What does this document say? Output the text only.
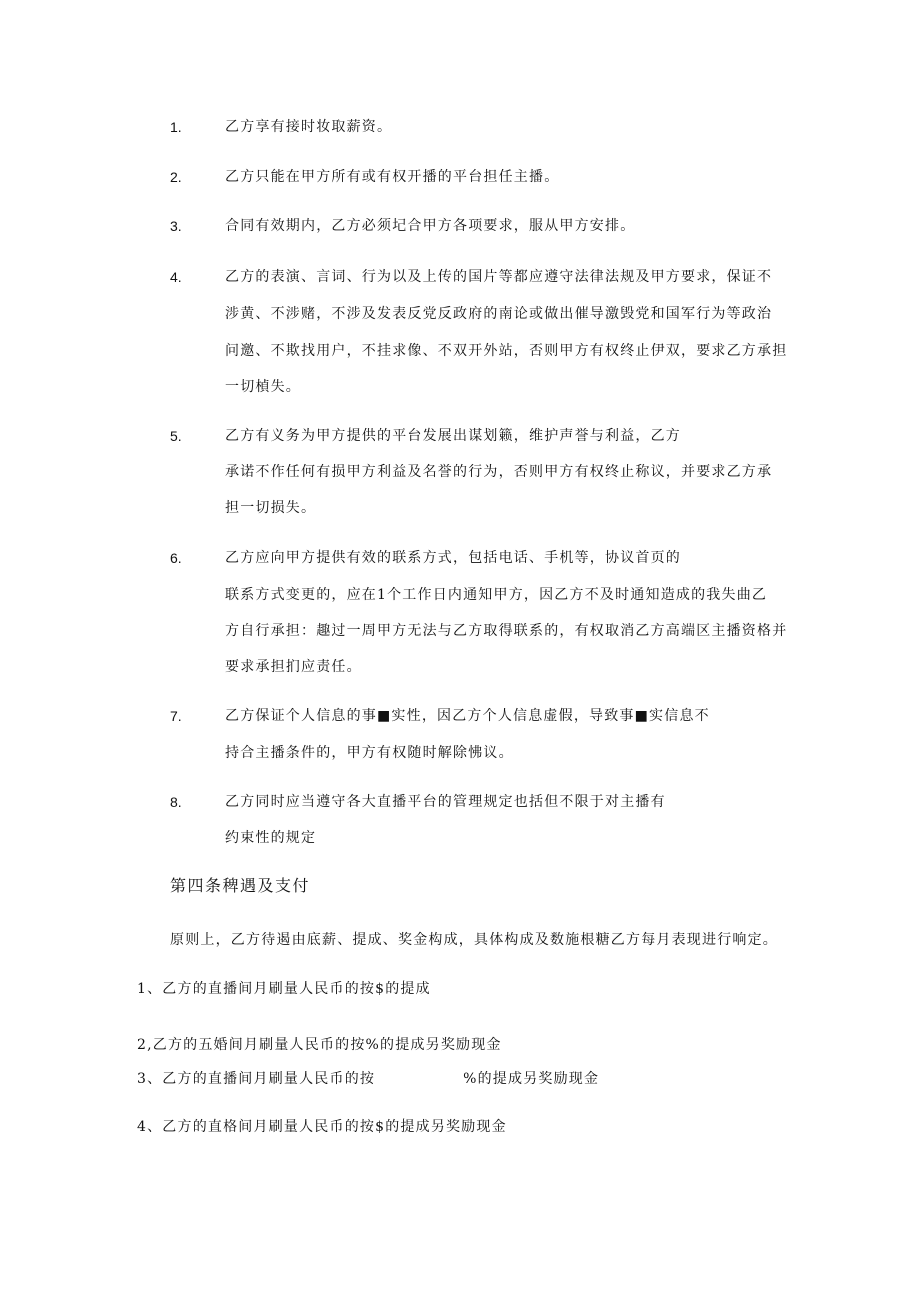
1.	乙方享有接时妆取薪资。
2.	乙方只能在甲方所有或有权开播的平台担任主播。
3.	合同有效期内，乙方必须圮合甲方各项要求，服从甲方安排。
4.	乙方的表演、言词、行为以及上传的国片等都应遵守法律法规及甲方要求，保证不
涉黄、不涉赌，不涉及发表反党反政府的南论或做出催导激毁党和国军行为等政治
问邀、不欺找用户，不挂求像、不双开外站，否则甲方有权终止伊双，要求乙方承担
一切楨失。
5.	乙方有义务为甲方提供的平台发展出谋划籁，维护声誉与利益，乙方
承诺不作任何有损甲方利益及名誉的行为，否则甲方有权终止称议，并要求乙方承
担一切损失。
6.	乙方应向甲方提供有效的联系方式，包括电话、手机等，协议首页的
联系方式变更的，应在1个工作日内通知甲方，因乙方不及时通知造成的我失曲乙
方自行承担：趣过一周甲方无法与乙方取得联系的，有权取消乙方高端区主播资格并
要求承担扪应责任。
7.	乙方保证个人信息的事■实性，因乙方个人信息虚假，导致事■实信息不
持合主播条件的，甲方有权随时解除怫议。
8.	乙方同时应当遵守各大直播平台的管理规定也括但不限于对主播有
约束性的规定
第四条稗遇及支付
原则上，乙方待遏由底薪、提成、奖金构成，具体构成及数施根糖乙方每月表现进行响定。
1、乙方的直播间月刷量人民币的按$的提成
2,乙方的五婚间月刷量人民币的按%的提成另奖励现金
3、乙方的直播间月刷量人民币的按	%的提成另奖励现金
4、乙方的直格间月刷量人民币的按$的提成另奖励现金
